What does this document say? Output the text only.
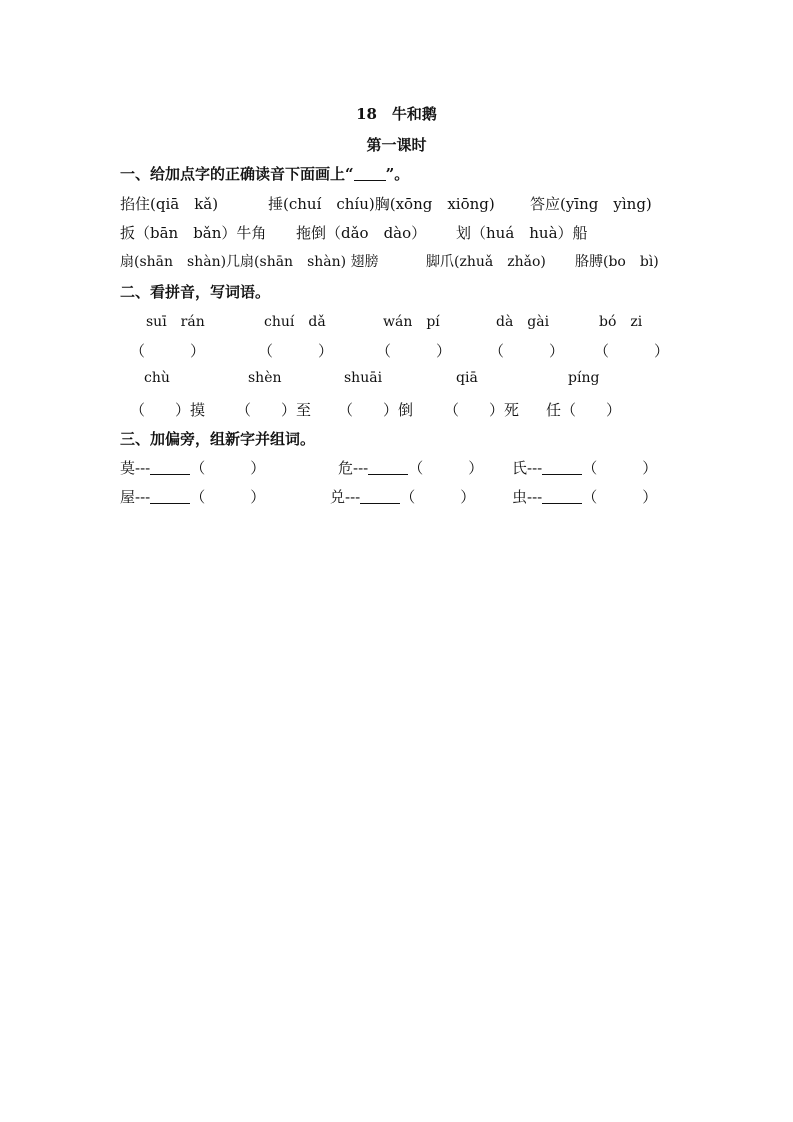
18　牛和鹅
第一课时
一、给加点字的正确读音下面画上“ ”。
掐住(qiā　kǎ)	捶(chuí　chíu)胸(xōng　xiōng) 答应(yīng　yìng)
扳（bān　bǎn）牛角 拖倒（dǎo　dào） 划（huá　huà）船
扇(shān　shàn)几扇(shān　shàn) 翅膀	脚爪(zhuǎ　zhǎo) 胳膊(bo　bì)
二、看拼音，写词语。
suī　rán	chuí　dǎ	wán　pí	dà　gài	bó　zi
（　　　）	（　　　）	（　　　）	（　　　） （　　　）
chù	shèn	shuāi	qiā	píng
（　　）摸 （　　）至 （　　）倒 （　　）死 任（　　）
三、加偏旁，组新字并组词。
莫---	（　　　）	危---	（　　　） 氏---	（　　　）
屋---	（　　　）	兑---	（　　　） 虫---	（　　　）
